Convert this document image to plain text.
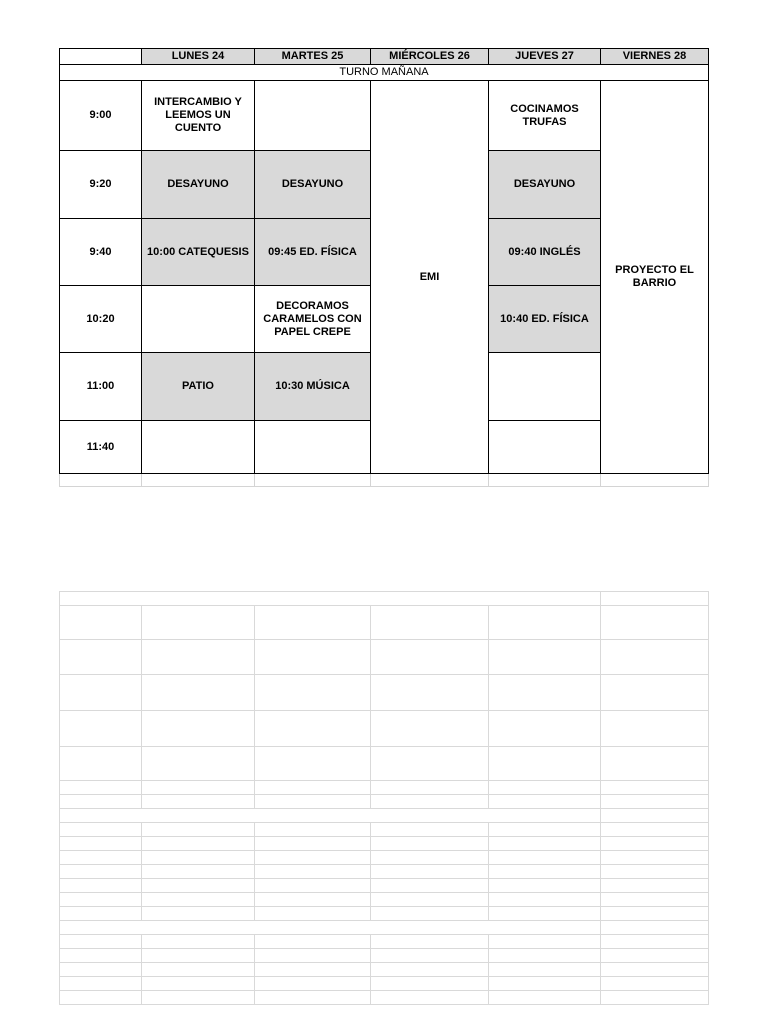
	LUNES 24	MARTES 25	MIÉRCOLES 26	JUEVES 27	VIERNES 28
TURNO MAÑANA					
9:00	INTERCAMBIO Y LEEMOS UN CUENTO		EMI	COCINAMOS TRUFAS	PROYECTO EL BARRIO
9:20	DESAYUNO	DESAYUNO		DESAYUNO	
9:40	10:00 CATEQUESIS	09:45 ED. FÍSICA		09:40 INGLÉS	
10:20		DECORAMOS CARAMELOS CON PAPEL CREPE		10:40 ED. FÍSICA	
11:00	PATIO	10:30 MÚSICA			
11:40					
